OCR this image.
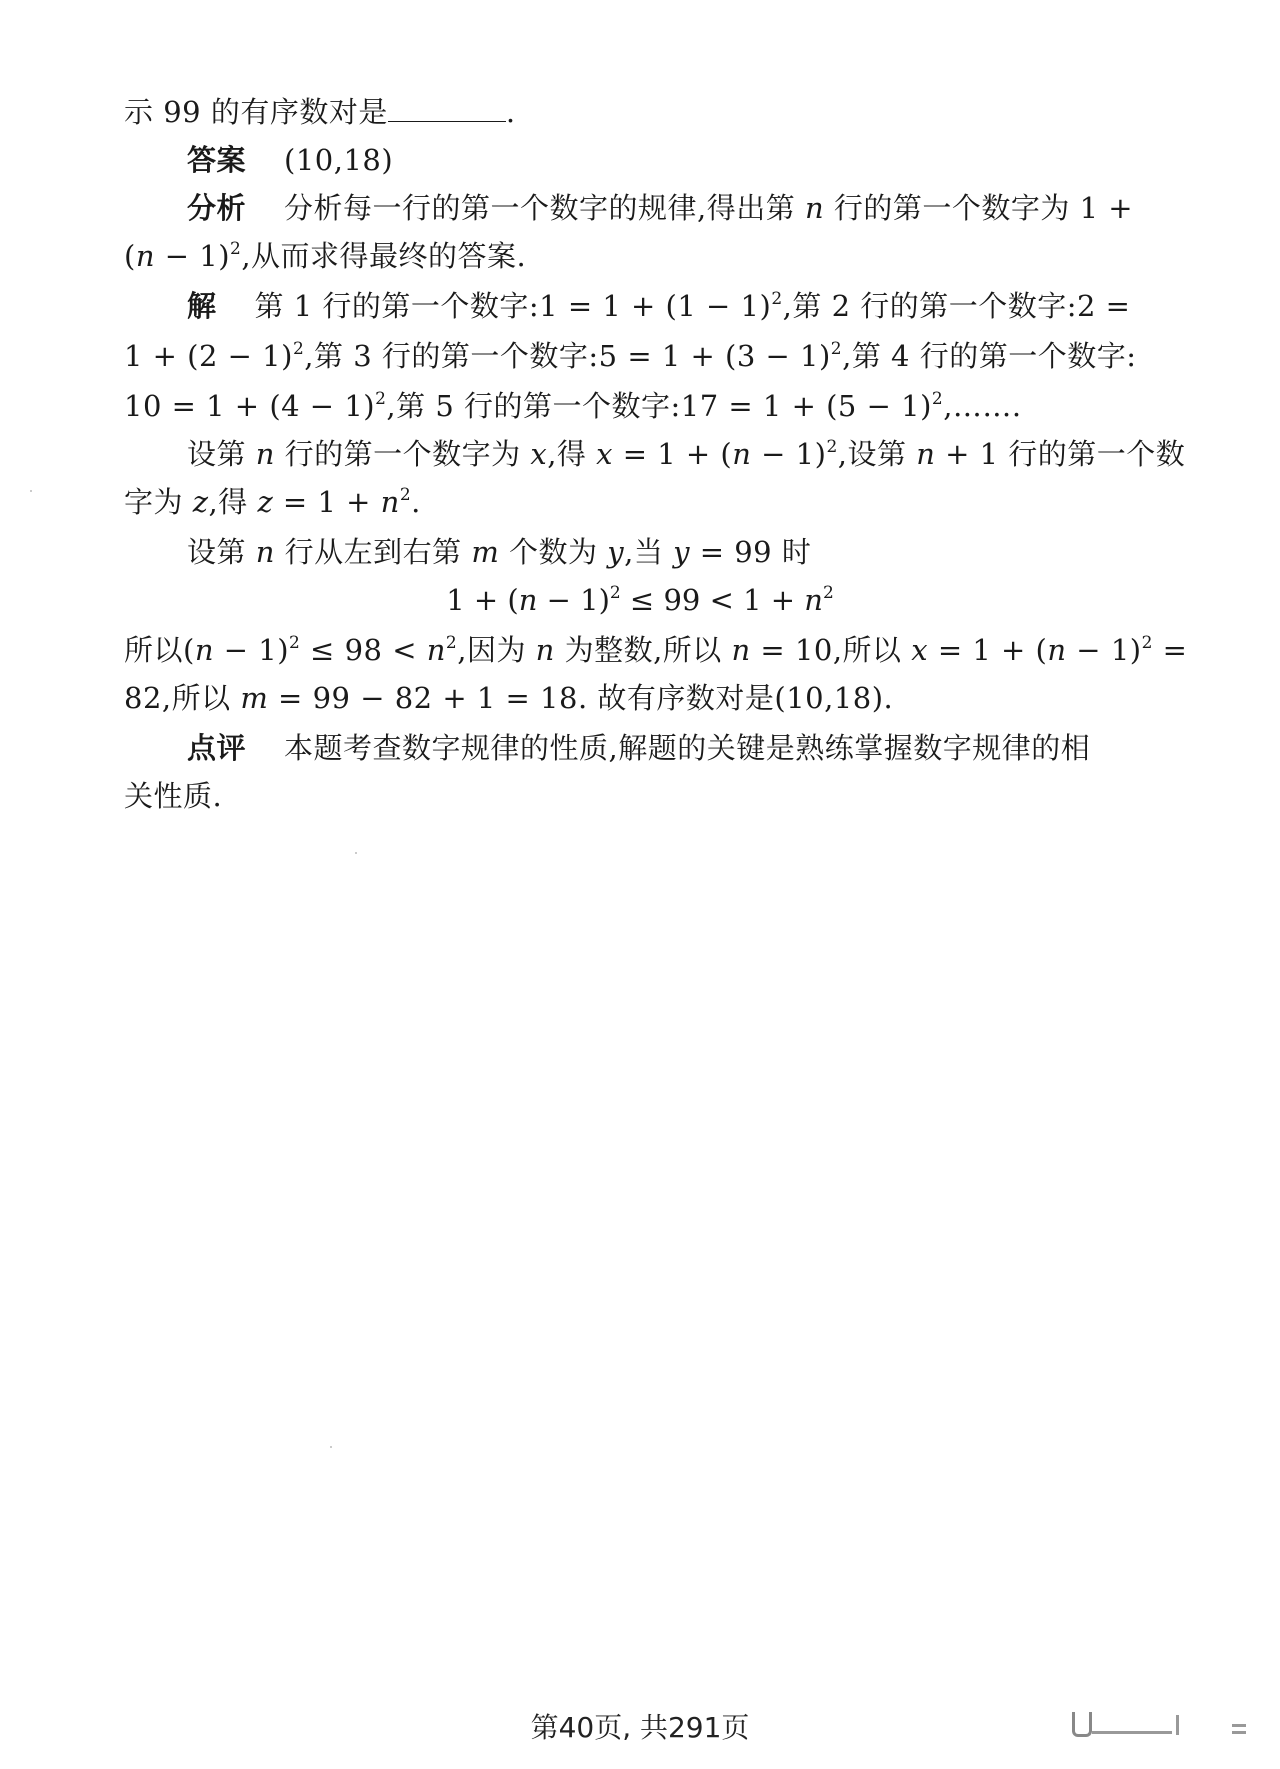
示 99 的有序数对是	.
答案 (10,18)
分析 分析每一行的第一个数字的规律,得出第 n 行的第一个数字为 1 +
$(n - 1)^2$,从而求得最终的答案.
解 第 1 行的第一个数字:1 = $1 + (1 - 1)^2$,第 2 行的第一个数字:2 =
$1 + (2 - 1)^2$,第 3 行的第一个数字:5 = $1 + (3 - 1)^2$,第 4 行的第一个数字:
$10 = 1 + (4 - 1)^2$,第 5 行的第一个数字:17 = $1 + (5 - 1)^2,\dots\dots$.
设第 n 行的第一个数字为 x,得 $x = 1 + (n - 1)^2$,设第 n + 1 行的第一个数
字为 z,得 $z = 1 + n^2$.
设第 n 行从左到右第 m 个数为 y,当 y = 99 时
$1 + (n - 1)^2 \le 99 < 1 + n^2$
所以$(n - 1)^2 \le 98 < n^2$,因为 n 为整数,所以 n = 10,所以 $x = 1 + (n - 1)^2$ =
82,所以 m = 99 − 82 + 1 = 18. 故有序数对是(10,18).
点评 本题考查数字规律的性质,解题的关键是熟练掌握数字规律的相
关性质.
第40页, 共291页
